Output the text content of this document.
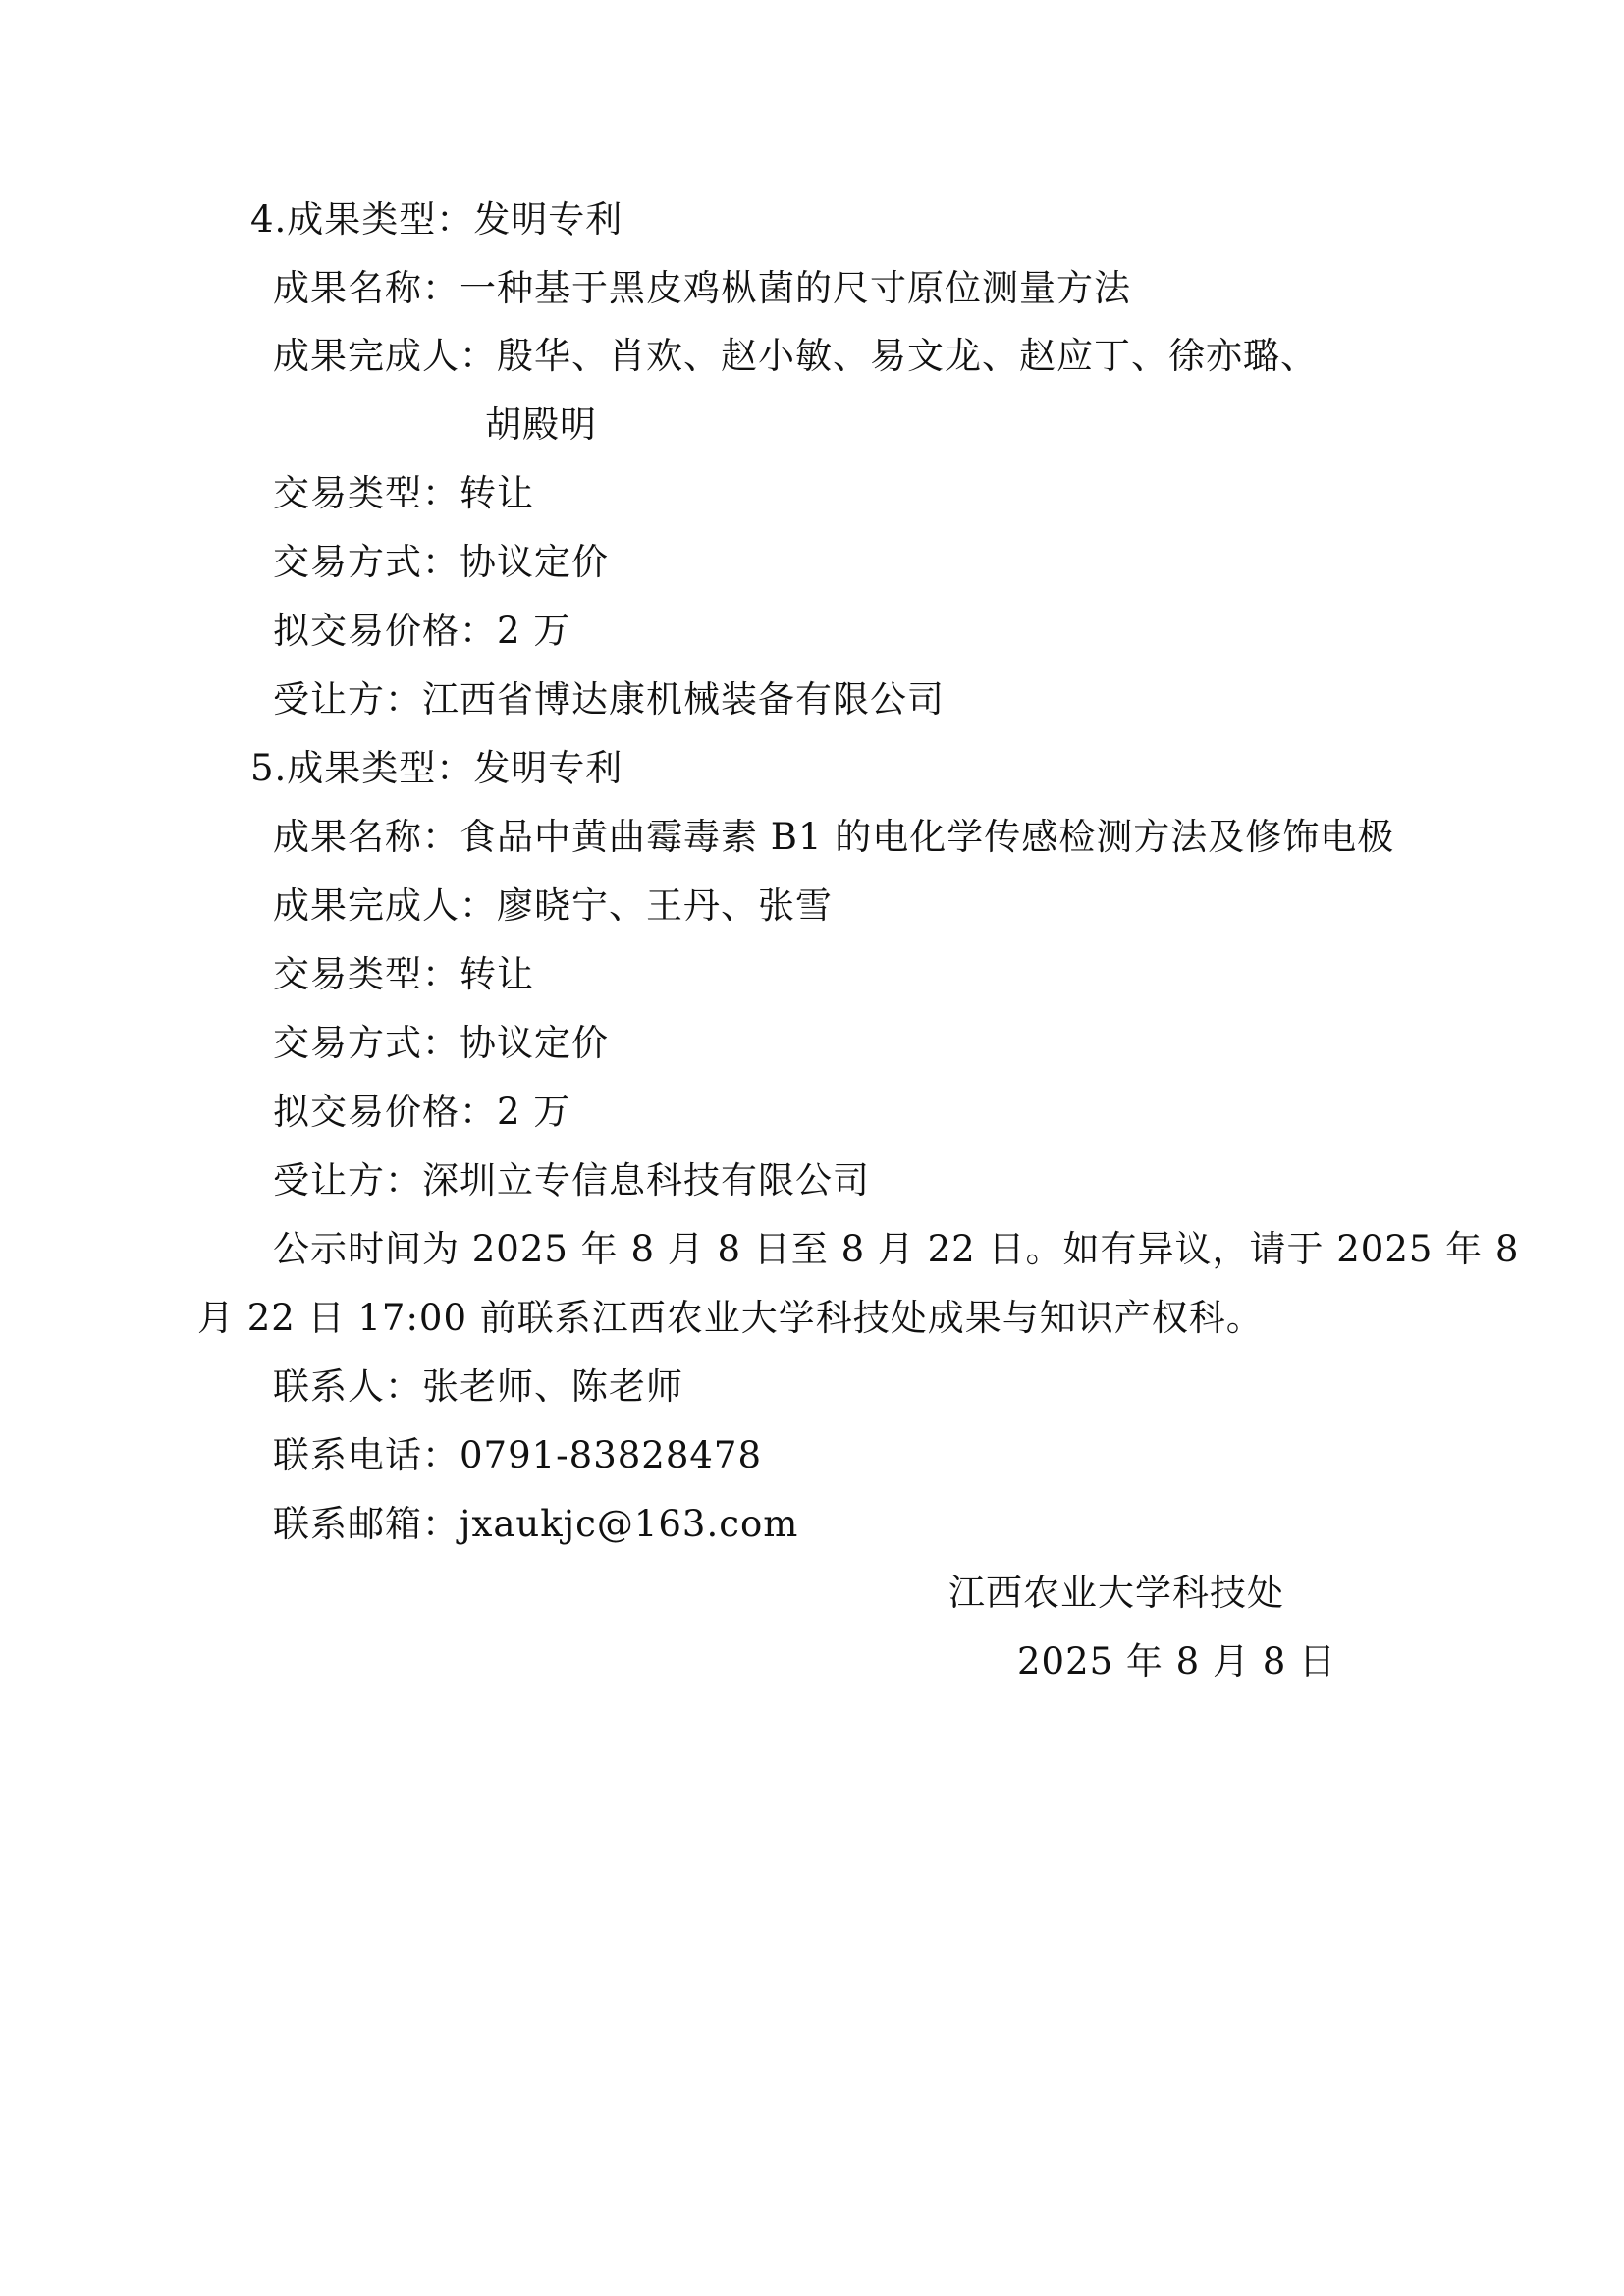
4.成果类型：发明专利
成果名称：一种基于黑皮鸡枞菌的尺寸原位测量方法
成果完成人：殷华、肖欢、赵小敏、易文龙、赵应丁、徐亦璐、
胡殿明
交易类型：转让
交易方式：协议定价
拟交易价格：2 万
受让方：江西省博达康机械装备有限公司
5.成果类型：发明专利
成果名称：食品中黄曲霉毒素 B1 的电化学传感检测方法及修饰电极
成果完成人：廖晓宁、王丹、张雪
交易类型：转让
交易方式：协议定价
拟交易价格：2 万
受让方：深圳立专信息科技有限公司
公示时间为 2025 年 8 月 8 日至 8 月 22 日。如有异议，请于 2025 年 8
月 22 日 17:00 前联系江西农业大学科技处成果与知识产权科。
联系人：张老师、陈老师
联系电话：0791-83828478
联系邮箱：jxaukjc@163.com
江西农业大学科技处
2025 年 8 月 8 日
